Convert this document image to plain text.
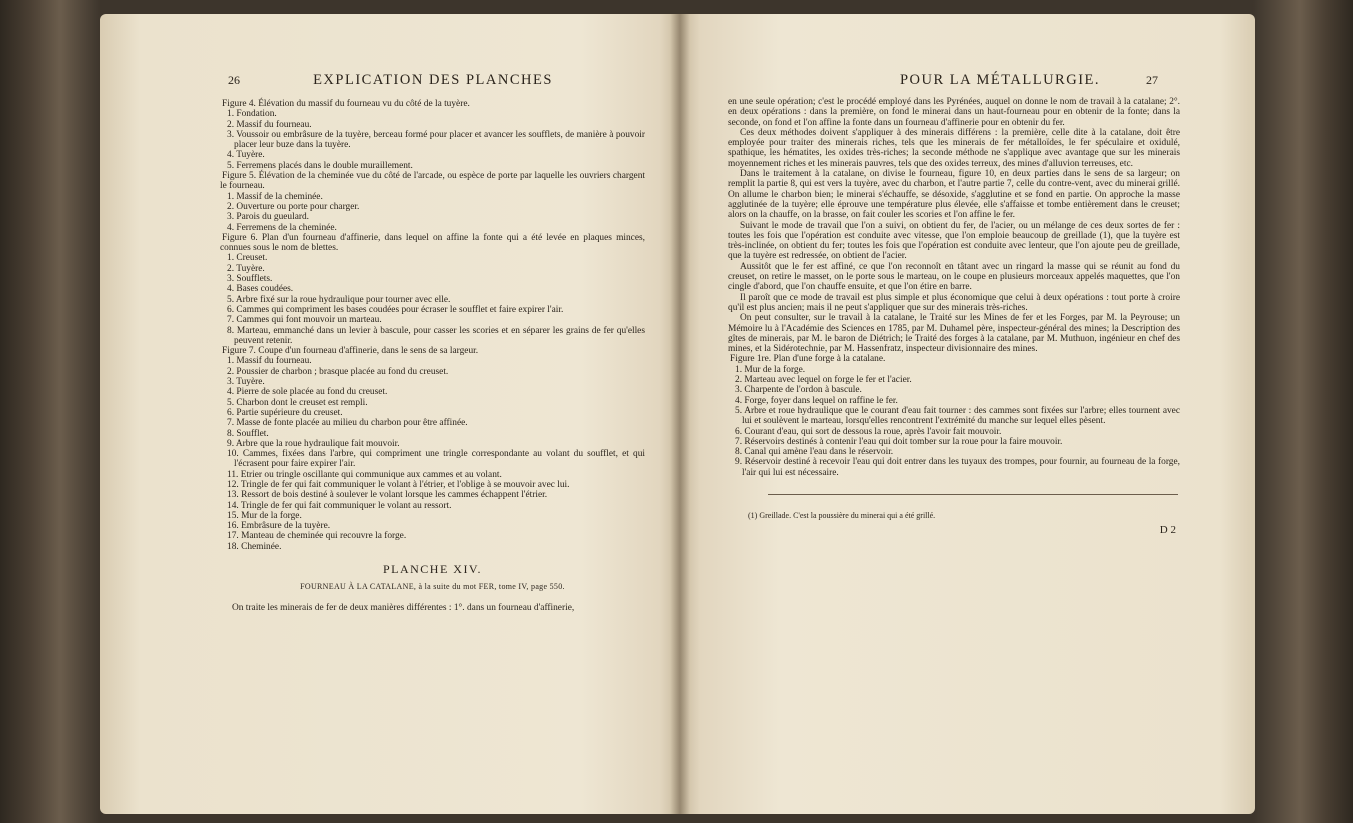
26	EXPLICATION DES PLANCHES

Figure 4. Élévation du massif du fourneau vu du côté de la tuyère.

1. Fondation.

2. Massif du fourneau.

3. Voussoir ou embrâsure de la tuyère, berceau formé pour placer et avancer les soufflets, de manière à pouvoir placer leur buze dans la tuyère.

4. Tuyère.

5. Ferremens placés dans le double muraillement.

Figure 5. Élévation de la cheminée vue du côté de l'arcade, ou espèce de porte par laquelle les ouvriers chargent le fourneau.

1. Massif de la cheminée.

2. Ouverture ou porte pour charger.

3. Parois du gueulard.

4. Ferremens de la cheminée.

Figure 6. Plan d'un fourneau d'affinerie, dans lequel on affine la fonte qui a été levée en plaques minces, connues sous le nom de blettes.

1. Creuset.

2. Tuyère.

3. Soufflets.

4. Bases coudées.

5. Arbre fixé sur la roue hydraulique pour tourner avec elle.

6. Cammes qui compriment les bases coudées pour écraser le soufflet et faire expirer l'air.

7. Cammes qui font mouvoir un marteau.

8. Marteau, emmanché dans un levier à bascule, pour casser les scories et en séparer les grains de fer qu'elles peuvent retenir.

Figure 7. Coupe d'un fourneau d'affinerie, dans le sens de sa largeur.

1. Massif du fourneau.

2. Poussier de charbon ; brasque placée au fond du creuset.

3. Tuyère.

4. Pierre de sole placée au fond du creuset.

5. Charbon dont le creuset est rempli.

6. Partie supérieure du creuset.

7. Masse de fonte placée au milieu du charbon pour être affinée.

8. Soufflet.

9. Arbre que la roue hydraulique fait mouvoir.

10. Cammes, fixées dans l'arbre, qui compriment une tringle correspondante au volant du soufflet, et qui l'écrasent pour faire expirer l'air.

11. Etrier ou tringle oscillante qui communique aux cammes et au volant.

12. Tringle de fer qui fait communiquer le volant à l'étrier, et l'oblige à se mouvoir avec lui.

13. Ressort de bois destiné à soulever le volant lorsque les cammes échappent l'étrier.

14. Tringle de fer qui fait communiquer le volant au ressort.

15. Mur de la forge.

16. Embrâsure de la tuyère.

17. Manteau de cheminée qui recouvre la forge.

18. Cheminée.

PLANCHE XIV.
FOURNEAU À LA CATALANE, à la suite du mot FER, tome IV, page 550.

On traite les minerais de fer de deux manières différentes : 1°. dans un fourneau d'affinerie,

POUR LA MÉTALLURGIE.	27

en une seule opération; c'est le procédé employé dans les Pyrénées, auquel on donne le nom de travail à la catalane; 2°. en deux opérations : dans la première, on fond le minerai dans un haut-fourneau pour en obtenir de la fonte; dans la seconde, on fond et l'on affine la fonte dans un fourneau d'affinerie pour en obtenir du fer.

Ces deux méthodes doivent s'appliquer à des minerais différens : la première, celle dite à la catalane, doit être employée pour traiter des minerais riches, tels que les minerais de fer métalloïdes, le fer spéculaire et oxidulé, spathique, les hématites, les oxides très-riches; la seconde méthode ne s'applique avec avantage que sur les minerais moyennement riches et les minerais pauvres, tels que des oxides terreux, des mines d'alluvion terreuses, etc.

Dans le traitement à la catalane, on divise le fourneau, figure 10, en deux parties dans le sens de sa largeur; on remplit la partie 8, qui est vers la tuyère, avec du charbon, et l'autre partie 7, celle du contre-vent, avec du minerai grillé. On allume le charbon bien; le minerai s'échauffe, se désoxide, s'agglutine et se fond en partie. On approche la masse agglutinée de la tuyère; elle éprouve une température plus élevée, elle s'affaisse et tombe entièrement dans le creuset; alors on la chauffe, on la brasse, on fait couler les scories et l'on affine le fer.

Suivant le mode de travail que l'on a suivi, on obtient du fer, de l'acier, ou un mélange de ces deux sortes de fer : toutes les fois que l'opération est conduite avec vitesse, que l'on emploie beaucoup de greillade (1), que la tuyère est très-inclinée, on obtient du fer; toutes les fois que l'opération est conduite avec lenteur, que l'on ajoute peu de greillade, que la tuyère est redressée, on obtient de l'acier.

Aussitôt que le fer est affiné, ce que l'on reconnoît en tâtant avec un ringard la masse qui se réunit au fond du creuset, on retire le masset, on le porte sous le marteau, on le coupe en plusieurs morceaux appelés maquettes, que l'on cingle d'abord, que l'on chauffe ensuite, et que l'on étire en barre.

Il paroît que ce mode de travail est plus simple et plus économique que celui à deux opérations : tout porte à croire qu'il est plus ancien; mais il ne peut s'appliquer que sur des minerais très-riches.

On peut consulter, sur le travail à la catalane, le Traité sur les Mines de fer et les Forges, par M. la Peyrouse; un Mémoire lu à l'Académie des Sciences en 1785, par M. Duhamel père, inspecteur-général des mines; la Description des gîtes de minerais, par M. le baron de Diétrich; le Traité des forges à la catalane, par M. Muthuon, ingénieur en chef des mines, et la Sidérotechnie, par M. Hassenfratz, inspecteur divisionnaire des mines.

Figure 1re. Plan d'une forge à la catalane.

1. Mur de la forge.

2. Marteau avec lequel on forge le fer et l'acier.

3. Charpente de l'ordon à bascule.

4. Forge, foyer dans lequel on raffine le fer.

5. Arbre et roue hydraulique que le courant d'eau fait tourner : des cammes sont fixées sur l'arbre; elles tournent avec lui et soulèvent le marteau, lorsqu'elles rencontrent l'extrémité du manche sur lequel elles pèsent.

6. Courant d'eau, qui sort de dessous la roue, après l'avoir fait mouvoir.

7. Réservoirs destinés à contenir l'eau qui doit tomber sur la roue pour la faire mouvoir.

8. Canal qui amène l'eau dans le réservoir.

9. Réservoir destiné à recevoir l'eau qui doit entrer dans les tuyaux des trompes, pour fournir, au fourneau de la forge, l'air qui lui est nécessaire.

(1) Greillade. C'est la poussière du minerai qui a été grillé.
D 2
